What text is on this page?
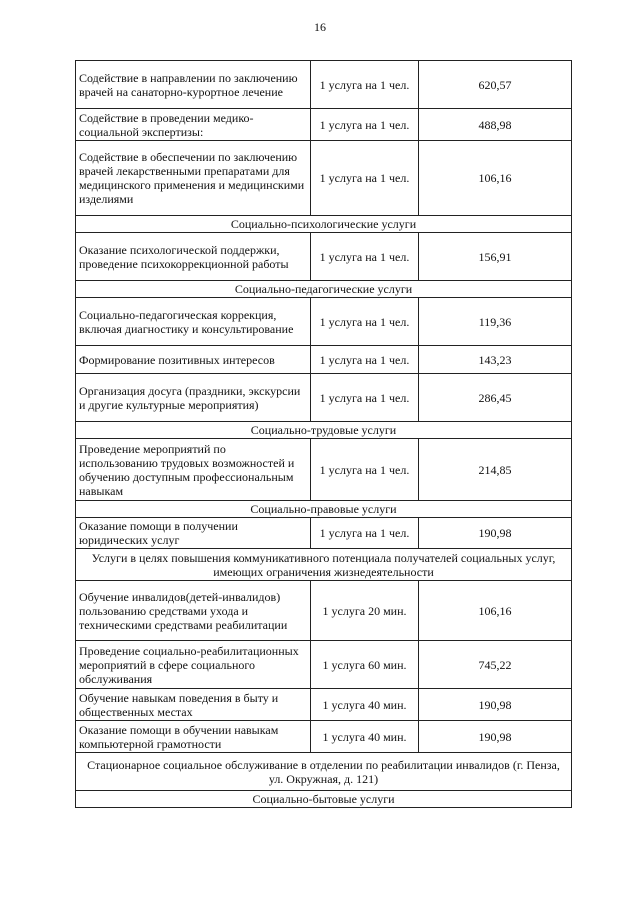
16
Содействие в направлении по заключению врачей на санаторно-курортное лечение	1 услуга на 1 чел.	620,57
Содействие в проведении медико-социальной экспертизы:	1 услуга на 1 чел.	488,98
Содействие в обеспечении по заключению врачей лекарственными препаратами для медицинского применения и медицинскими изделиями	1 услуга на 1 чел.	106,16
Социально-психологические услуги		
Оказание психологической поддержки, проведение психокоррекционной работы	1 услуга на 1 чел.	156,91
Социально-педагогические услуги		
Социально-педагогическая коррекция, включая диагностику и консультирование	1 услуга на 1 чел.	119,36
Формирование позитивных интересов	1 услуга на 1 чел.	143,23
Организация досуга (праздники, экскурсии и другие культурные мероприятия)	1 услуга на 1 чел.	286,45
Социально-трудовые услуги		
Проведение мероприятий по использованию трудовых возможностей и обучению доступным профессиональным навыкам	1 услуга на 1 чел.	214,85
Социально-правовые услуги		
Оказание помощи в получении юридических услуг	1 услуга на 1 чел.	190,98
Услуги в целях повышения коммуникативного потенциала получателей социальных услуг, имеющих ограничения жизнедеятельности		
Обучение инвалидов(детей-инвалидов) пользованию средствами ухода и техническими средствами реабилитации	1 услуга 20 мин.	106,16
Проведение социально-реабилитационных мероприятий в сфере социального обслуживания	1 услуга 60 мин.	745,22
Обучение навыкам поведения в быту и общественных местах	1 услуга 40 мин.	190,98
Оказание помощи в обучении навыкам компьютерной грамотности	1 услуга 40 мин.	190,98
Стационарное социальное обслуживание в отделении по реабилитации инвалидов (г. Пенза, ул. Окружная, д. 121)		
Социально-бытовые услуги		
